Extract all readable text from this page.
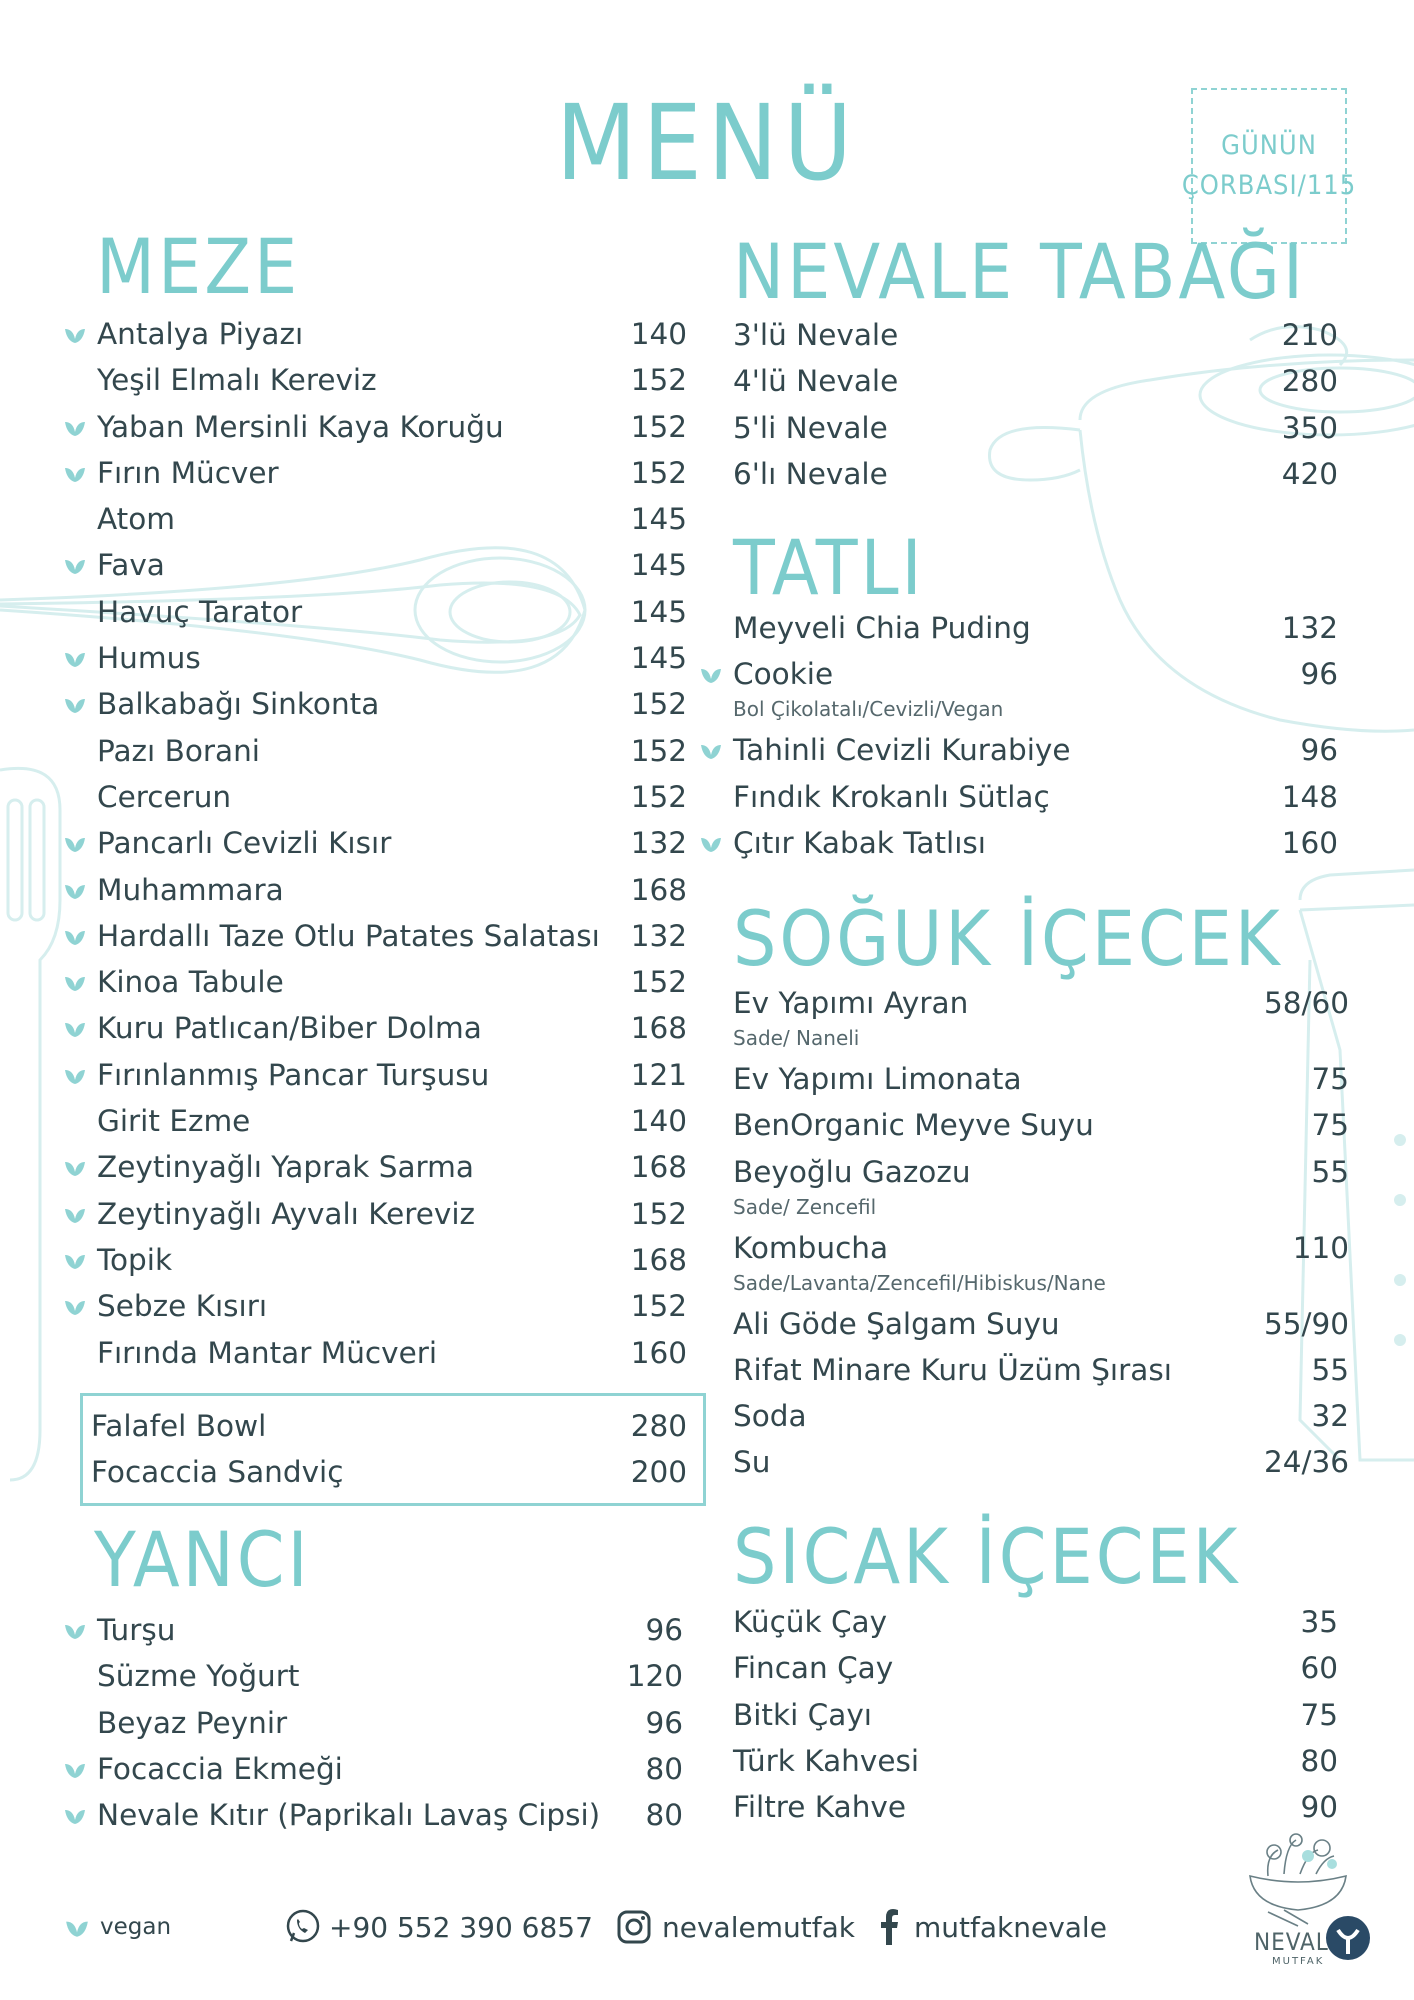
MENÜ	GÜNÜN
ÇORBASI/115
MEZE
Antalya Piyazı	140
Yeşil Elmalı Kereviz	152
Yaban Mersinli Kaya Koruğu	152
Fırın Mücver	152
Atom	145
Fava	145
Havuç Tarator	145
Humus	145
Balkabağı Sinkonta	152
Pazı Borani	152
Cercerun	152
Pancarlı Cevizli Kısır	132
Muhammara	168
Hardallı Taze Otlu Patates Salatası 132
Kinoa Tabule	152
Kuru Patlıcan/Biber Dolma	168
Fırınlanmış Pancar Turşusu	121
Girit Ezme	140
Zeytinyağlı Yaprak Sarma	168
Zeytinyağlı Ayvalı Kereviz	152
Topik	168
Sebze Kısırı	152
Fırında Mantar Mücveri	160
Falafel Bowl	280
Focaccia Sandviç	200
YANCI
Turşu	96
Süzme Yoğurt	120
Beyaz Peynir	96
Focaccia Ekmeği	80
Nevale Kıtır (Paprikalı Lavaş Cipsi) 80
NEVALE TABAĞI
3'lü Nevale	210
4'lü Nevale	280
5'li Nevale	350
6'lı Nevale	420
TATLI
Meyveli Chia Puding	132
Cookie	96
Bol Çikolatalı/Cevizli/Vegan
Tahinli Cevizli Kurabiye	96
Fındık Krokanlı Sütlaç	148
Çıtır Kabak Tatlısı	160
SOĞUK İÇECEK
Ev Yapımı Ayran	58/60
Sade/ Naneli
Ev Yapımı Limonata	75
BenOrganic Meyve Suyu	75
Beyoğlu Gazozu	55
Sade/ Zencefil
Kombucha	110
Sade/Lavanta/Zencefil/Hibiskus/Nane
Ali Göde Şalgam Suyu	55/90
Rifat Minare Kuru Üzüm Şırası	55
Soda	32
Su	24/36
SICAK İÇECEK
Küçük Çay	35
Fincan Çay	60
Bitki Çayı	75
Türk Kahvesi	80
Filtre Kahve	90
vegan	+90 552 390 6857 nevalemutfak mutfaknevale	NEVAL
MUTFAK
